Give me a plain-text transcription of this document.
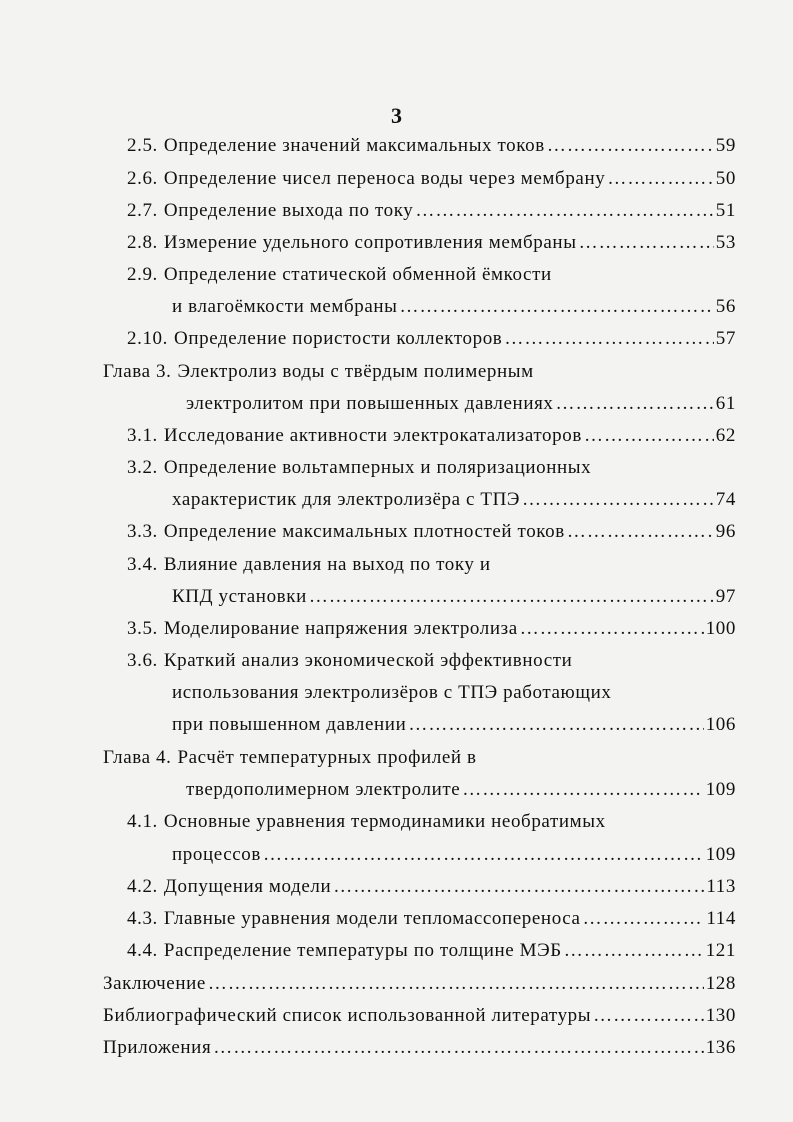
3
2.5. Определение значений максимальных токов …………………………………………………………………………………………………………………………	59
2.6. Определение чисел переноса воды через мембрану …………………………………………………………………………………………………………………………	50
2.7. Определение выхода по току …………………………………………………………………………………………………………………………	51
2.8. Измерение удельного сопротивления мембраны …………………………………………………………………………………………………………………………	53
2.9. Определение статической обменной ёмкости
и влагоёмкости мембраны …………………………………………………………………………………………………………………………	56
2.10. Определение пористости коллекторов …………………………………………………………………………………………………………………………	57
Глава 3. Электролиз воды с твёрдым полимерным
электролитом при повышенных давлениях …………………………………………………………………………………………………………………………	61
3.1. Исследование активности электрокатализаторов …………………………………………………………………………………………………………………………	62
3.2. Определение вольтамперных и поляризационных
характеристик для электролизёра с ТПЭ …………………………………………………………………………………………………………………………	74
3.3. Определение максимальных плотностей токов …………………………………………………………………………………………………………………………	96
3.4. Влияние давления на выход по току и
КПД установки …………………………………………………………………………………………………………………………	97
3.5. Моделирование напряжения электролиза …………………………………………………………………………………………………………………………	100
3.6. Краткий анализ экономической эффективности
использования электролизёров с ТПЭ работающих
при повышенном давлении …………………………………………………………………………………………………………………………	106
Глава 4. Расчёт температурных профилей в
твердополимерном электролите …………………………………………………………………………………………………………………………	109
4.1. Основные уравнения термодинамики необратимых
процессов …………………………………………………………………………………………………………………………	109
4.2. Допущения модели …………………………………………………………………………………………………………………………	113
4.3. Главные уравнения модели тепломассопереноса …………………………………………………………………………………………………………………………	114
4.4. Распределение температуры по толщине МЭБ …………………………………………………………………………………………………………………………	121
Заключение …………………………………………………………………………………………………………………………	128
Библиографический список использованной литературы …………………………………………………………………………………………………………………………	130
Приложения …………………………………………………………………………………………………………………………	136
